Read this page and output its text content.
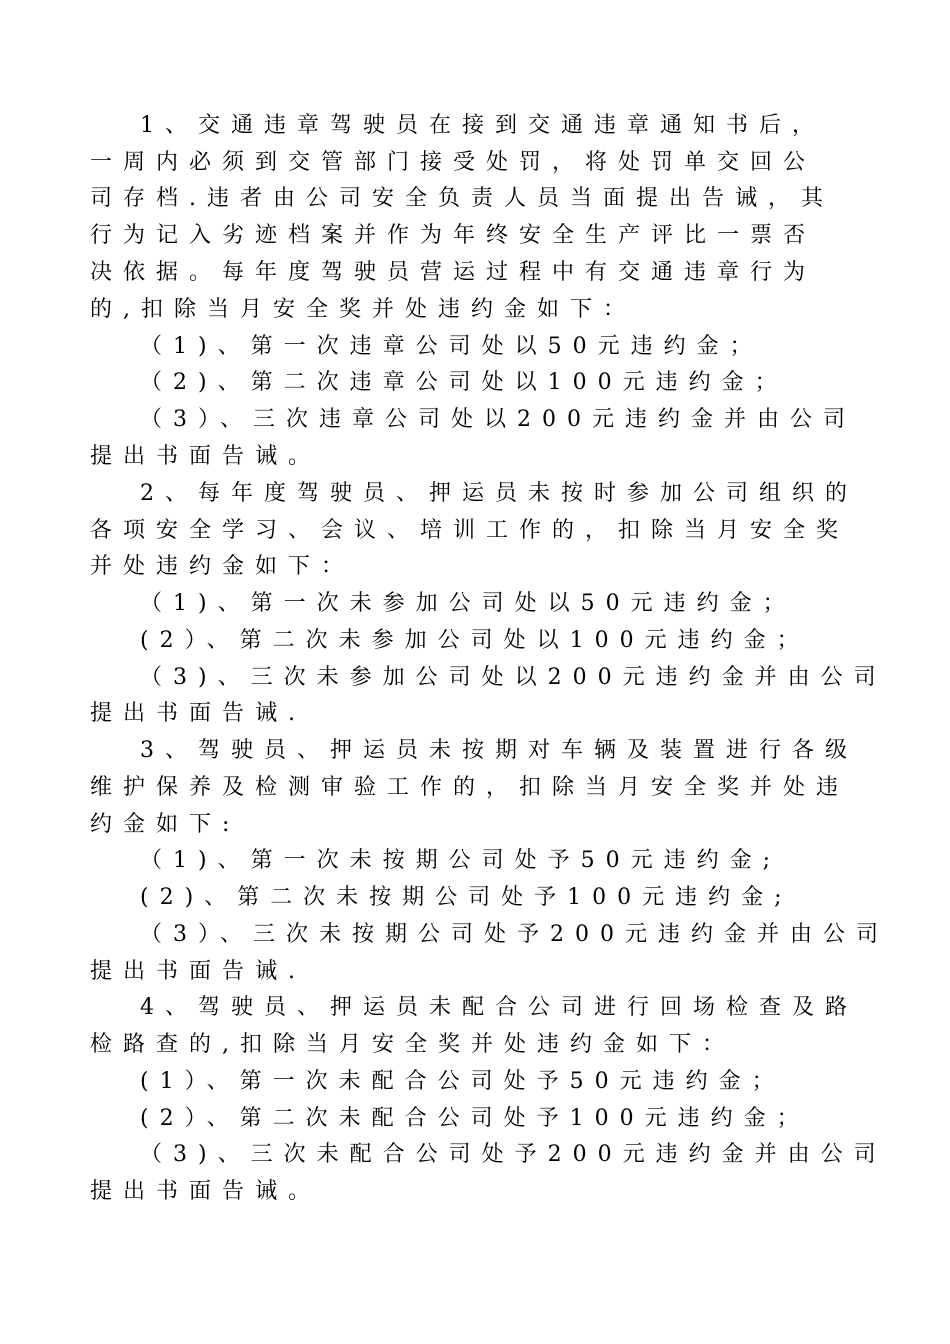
1、交通违章驾驶员在接到交通违章通知书后，

一周内必须到交管部门接受处罚，将处罚单交回公

司存档.违者由公司安全负责人员当面提出告诫，其

行为记入劣迹档案并作为年终安全生产评比一票否

决依据。每年度驾驶员营运过程中有交通违章行为

的,扣除当月安全奖并处违约金如下：

（1)、第一次违章公司处以50元违约金；

（2)、第二次违章公司处以100元违约金；

（3）、三次违章公司处以200元违约金并由公司

提出书面告诫。

2、每年度驾驶员、押运员未按时参加公司组织的

各项安全学习、会议、培训工作的，扣除当月安全奖

并处违约金如下：

（1)、第一次未参加公司处以50元违约金；

(2）、第二次未参加公司处以100元违约金；

（3)、三次未参加公司处以200元违约金并由公司

提出书面告诫.

3、驾驶员、押运员未按期对车辆及装置进行各级

维护保养及检测审验工作的，扣除当月安全奖并处违

约金如下:

（1)、第一次未按期公司处予50元违约金;

(2)、第二次未按期公司处予100元违约金;

（3）、三次未按期公司处予200元违约金并由公司

提出书面告诫.

4、驾驶员、押运员未配合公司进行回场检查及路

检路查的,扣除当月安全奖并处违约金如下：

(1）、第一次未配合公司处予50元违约金；

(2）、第二次未配合公司处予100元违约金；

（3)、三次未配合公司处予200元违约金并由公司

提出书面告诫。
